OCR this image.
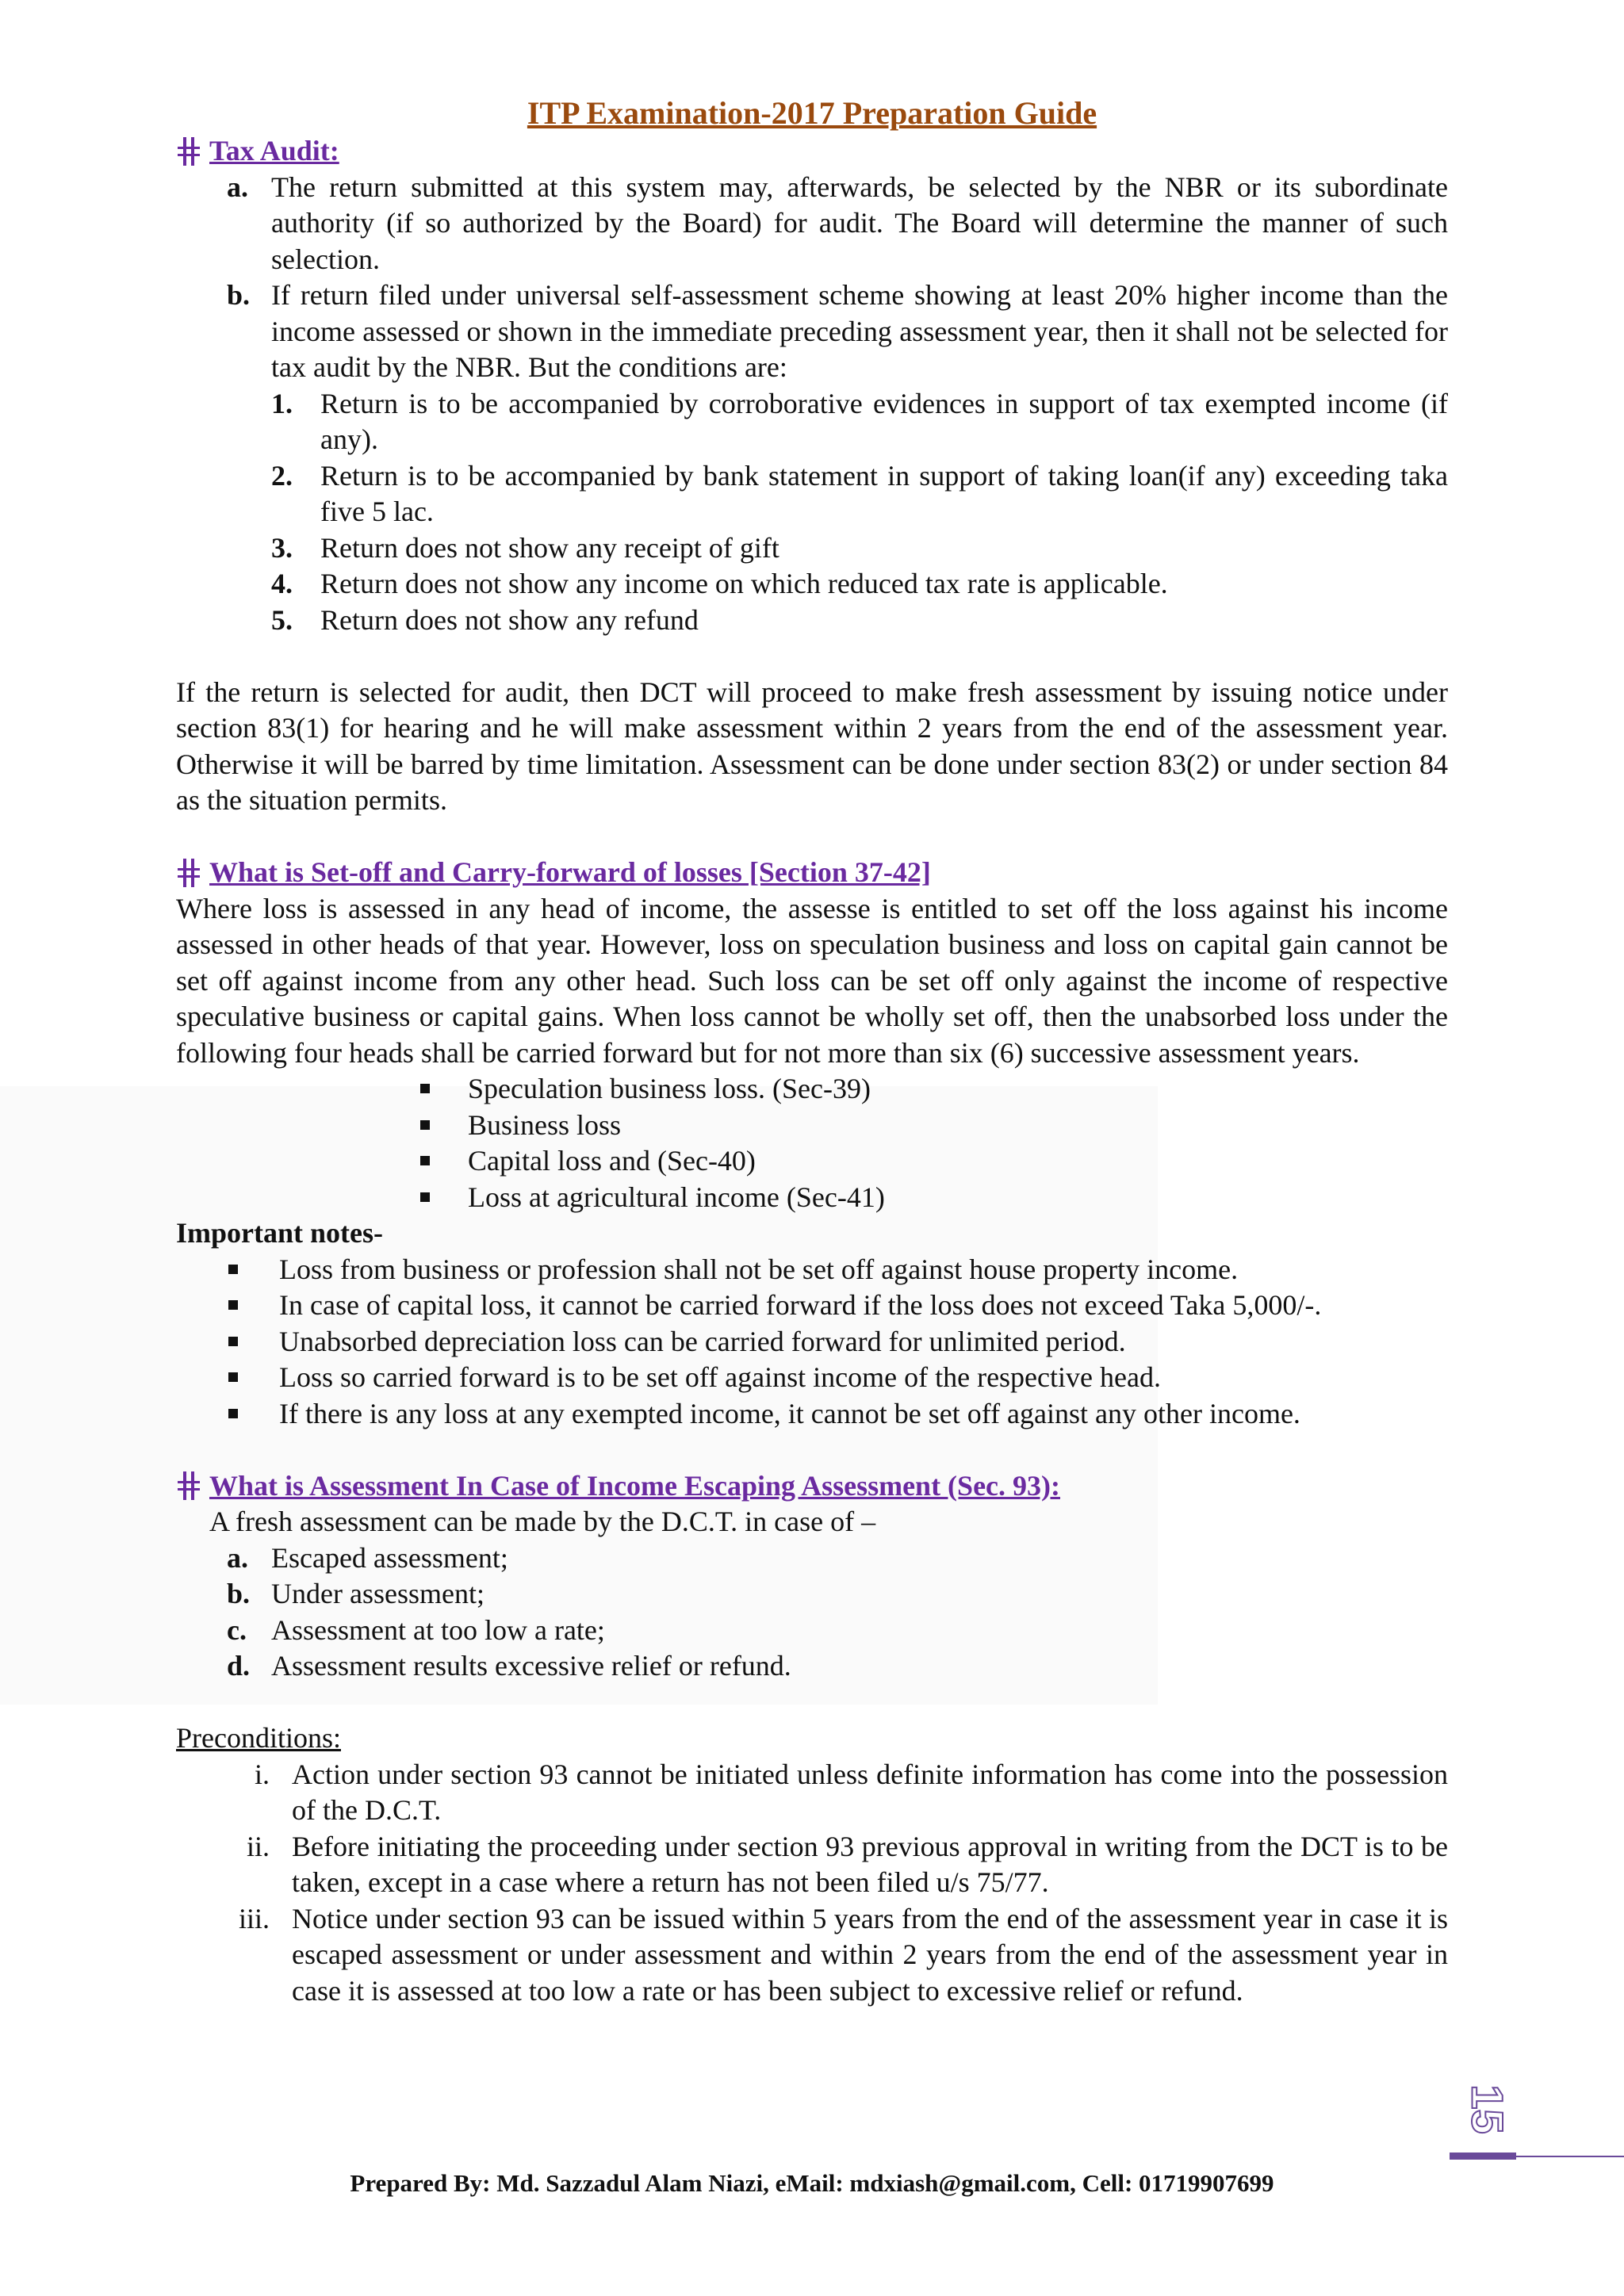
ITP Examination-2017 Preparation Guide
Tax Audit:
a. The return submitted at this system may, afterwards, be selected by the NBR or its subordinate authority (if so authorized by the Board) for audit. The Board will determine the manner of such selection.
b. If return filed under universal self-assessment scheme showing at least 20% higher income than the income assessed or shown in the immediate preceding assessment year, then it shall not be selected for tax audit by the NBR. But the conditions are:
1. Return is to be accompanied by corroborative evidences in support of tax exempted income (if any).
2. Return is to be accompanied by bank statement in support of taking loan(if any) exceeding taka five 5 lac.
3. Return does not show any receipt of gift
4. Return does not show any income on which reduced tax rate is applicable.
5. Return does not show any refund
If the return is selected for audit, then DCT will proceed to make fresh assessment by issuing notice under section 83(1) for hearing and he will make assessment within 2 years from the end of the assessment year. Otherwise it will be barred by time limitation. Assessment can be done under section 83(2) or under section 84 as the situation permits.
What is Set-off and Carry-forward of losses [Section 37-42]
Where loss is assessed in any head of income, the assesse is entitled to set off the loss against his income assessed in other heads of that year. However, loss on speculation business and loss on capital gain cannot be set off against income from any other head. Such loss can be set off only against the income of respective speculative business or capital gains. When loss cannot be wholly set off, then the unabsorbed loss under the following four heads shall be carried forward but for not more than six (6) successive assessment years.
Speculation business loss. (Sec-39)
Business loss
Capital loss and (Sec-40)
Loss at agricultural income (Sec-41)
Important notes-
Loss from business or profession shall not be set off against house property income.
In case of capital loss, it cannot be carried forward if the loss does not exceed Taka 5,000/-.
Unabsorbed depreciation loss can be carried forward for unlimited period.
Loss so carried forward is to be set off against income of the respective head.
If there is any loss at any exempted income, it cannot be set off against any other income.
What is Assessment In Case of Income Escaping Assessment (Sec. 93):
A fresh assessment can be made by the D.C.T. in case of –
a. Escaped assessment;
b. Under assessment;
c. Assessment at too low a rate;
d. Assessment results excessive relief or refund.
Preconditions:
i. Action under section 93 cannot be initiated unless definite information has come into the possession of the D.C.T.
ii. Before initiating the proceeding under section 93 previous approval in writing from the DCT is to be taken, except in a case where a return has not been filed u/s 75/77.
iii. Notice under section 93 can be issued within 5 years from the end of the assessment year in case it is escaped assessment or under assessment and within 2 years from the end of the assessment year in case it is assessed at too low a rate or has been subject to excessive relief or refund.
15
Prepared By: Md. Sazzadul Alam Niazi, eMail: mdxiash@gmail.com, Cell: 01719907699
